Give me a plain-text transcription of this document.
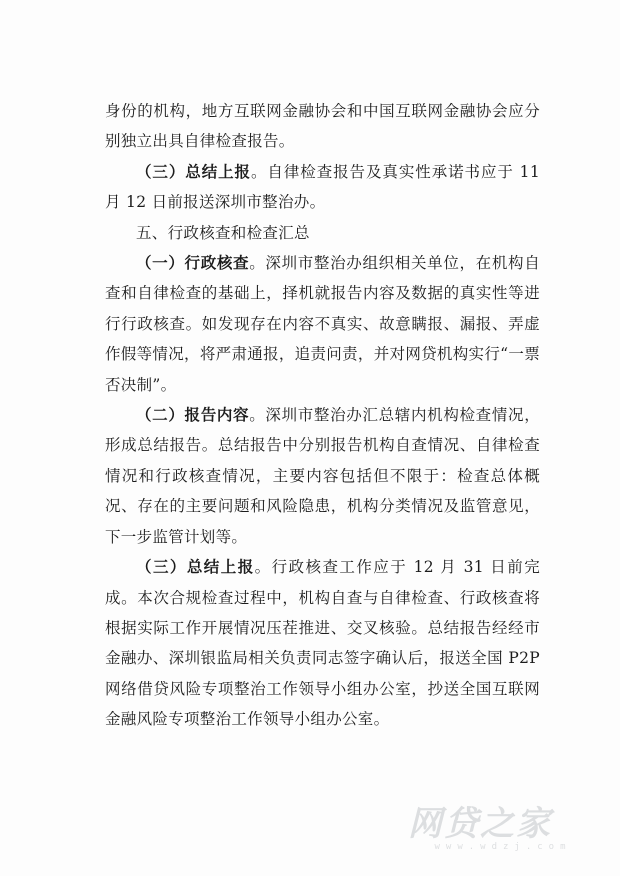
身份的机构，地方互联网金融协会和中国互联网金融协会应分别独立出具自律检查报告。

（三）总结上报。自律检查报告及真实性承诺书应于 11 月 12 日前报送深圳市整治办。

五、行政核查和检查汇总

（一）行政核查。深圳市整治办组织相关单位，在机构自查和自律检查的基础上，择机就报告内容及数据的真实性等进行行政核查。如发现存在内容不真实、故意瞒报、漏报、弄虚作假等情况，将严肃通报，追责问责，并对网贷机构实行“一票否决制”。

（二）报告内容。深圳市整治办汇总辖内机构检查情况，形成总结报告。总结报告中分别报告机构自查情况、自律检查情况和行政核查情况，主要内容包括但不限于：检查总体概况、存在的主要问题和风险隐患，机构分类情况及监管意见，下一步监管计划等。

（三）总结上报。行政核查工作应于 12 月 31 日前完成。本次合规检查过程中，机构自查与自律检查、行政核查将根据实际工作开展情况压茬推进、交叉核验。总结报告经经市金融办、深圳银监局相关负责同志签字确认后，报送全国 P2P 网络借贷风险专项整治工作领导小组办公室，抄送全国互联网金融风险专项整治工作领导小组办公室。

网贷之家
www.wdzj.com
